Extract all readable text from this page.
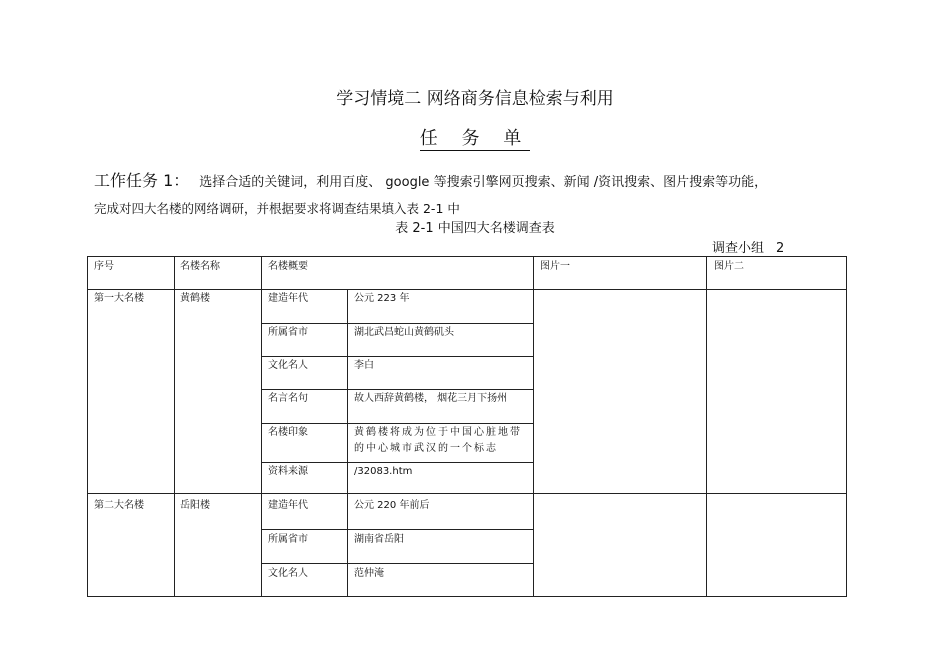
学习情境二 网络商务信息检索与利用
任 务 单
工作任务 1： 选择合适的关键词，利用百度、 google 等搜索引擎网页搜索、新闻 /资讯搜索、图片搜索等功能，
完成对四大名楼的网络调研，并根据要求将调查结果填入表 2-1 中
表 2-1 中国四大名楼调查表
调查小组 2
序号	名楼名称	名楼概要	图片一	图片二
第一大名楼	黄鹤楼	建造年代	公元 223 年
所属省市	湖北武昌蛇山黄鹤矶头
文化名人	李白
名言名句	故人西辞黄鹤楼， 烟花三月下扬州
名楼印象	黄鹤楼将成为位于中国心脏地带的中心城市武汉的一个标志
资料来源	/32083.htm
第二大名楼	岳阳楼	建造年代	公元 220 年前后
所属省市	湖南省岳阳
文化名人	范仲淹
